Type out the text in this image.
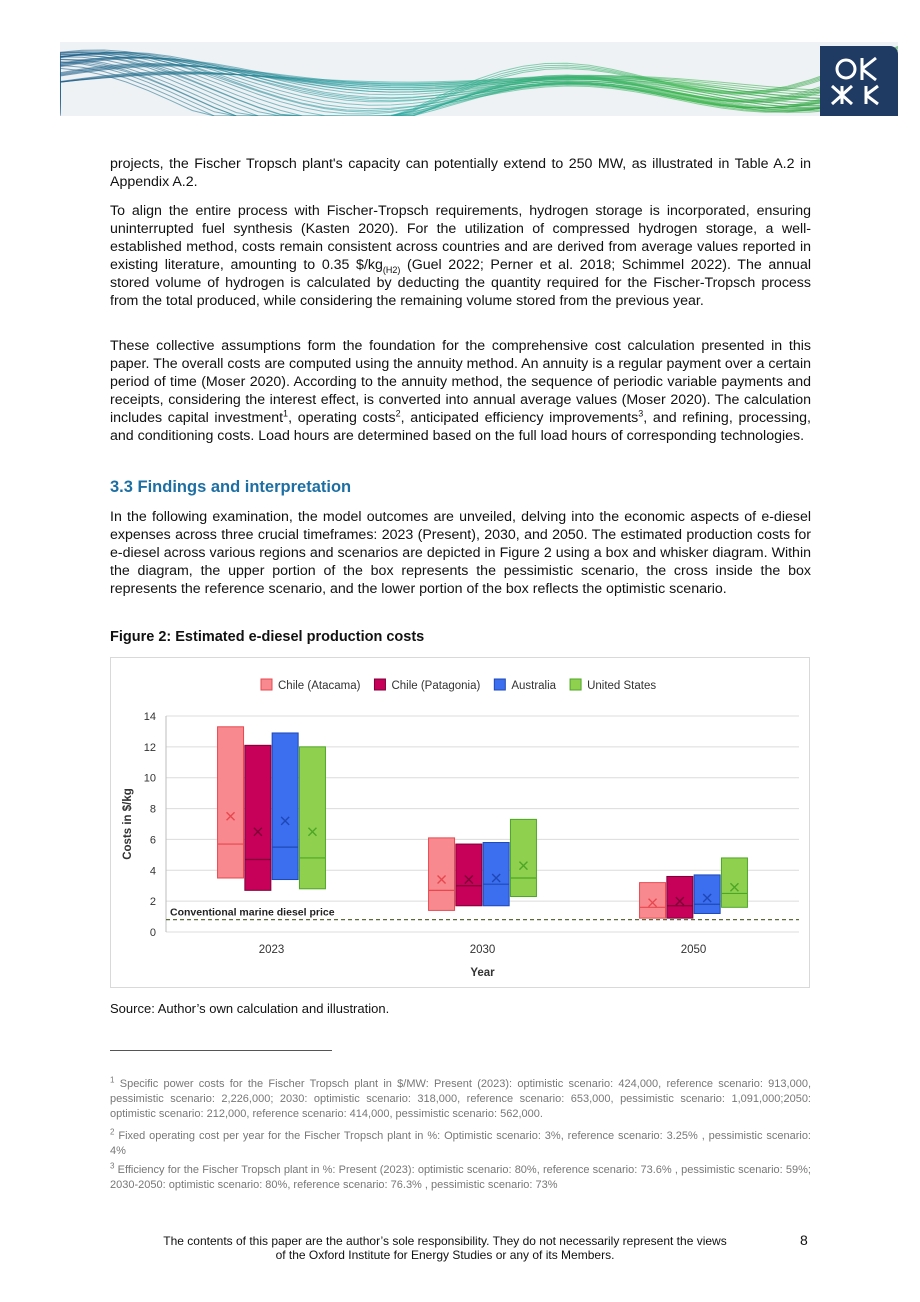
projects, the Fischer Tropsch plant's capacity can potentially extend to 250 MW, as illustrated in Table A.2 in Appendix A.2.

To align the entire process with Fischer-Tropsch requirements, hydrogen storage is incorporated, ensuring uninterrupted fuel synthesis (Kasten 2020). For the utilization of compressed hydrogen storage, a well-established method, costs remain consistent across countries and are derived from average values reported in existing literature, amounting to 0.35 $\$/kg_{(H2)}$ (Guel 2022; Perner et al. 2018; Schimmel 2022). The annual stored volume of hydrogen is calculated by deducting the quantity required for the Fischer-Tropsch process from the total produced, while considering the remaining volume stored from the previous year.

These collective assumptions form the foundation for the comprehensive cost calculation presented in this paper. The overall costs are computed using the annuity method. An annuity is a regular payment over a certain period of time (Moser 2020). According to the annuity method, the sequence of periodic variable payments and receipts, considering the interest effect, is converted into annual average values (Moser 2020). The calculation includes capital investment$^1$, operating costs$^2$, anticipated efficiency improvements$^3$, and refining, processing, and conditioning costs. Load hours are determined based on the full load hours of corresponding technologies.

3.3 Findings and interpretation

In the following examination, the model outcomes are unveiled, delving into the economic aspects of e-diesel expenses across three crucial timeframes: 2023 (Present), 2030, and 2050. The estimated production costs for e-diesel across various regions and scenarios are depicted in Figure 2 using a box and whisker diagram. Within the diagram, the upper portion of the box represents the pessimistic scenario, the cross inside the box represents the reference scenario, and the lower portion of the box reflects the optimistic scenario.

Figure 2: Estimated e-diesel production costs

Chile (Atacama)	Chile (Patagonia)	Australia	United States
0
2
4
6
8
10
12
14
2023	2030	2050
Conventional marine diesel price
Costs in $/kg
Year

Source: Author’s own calculation and illustration.

$^1$ Specific power costs for the Fischer Tropsch plant in $/MW: Present (2023): optimistic scenario: 424,000, reference scenario: 913,000, pessimistic scenario: 2,226,000; 2030: optimistic scenario: 318,000, reference scenario: 653,000, pessimistic scenario: 1,091,000;2050: optimistic scenario: 212,000, reference scenario: 414,000, pessimistic scenario: 562,000.

$^2$ Fixed operating cost per year for the Fischer Tropsch plant in %: Optimistic scenario: 3%, reference scenario: 3.25% , pessimistic scenario: 4%

$^3$ Efficiency for the Fischer Tropsch plant in %: Present (2023): optimistic scenario: 80%, reference scenario: 73.6% , pessimistic scenario: 59%; 2030-2050: optimistic scenario: 80%, reference scenario: 76.3% , pessimistic scenario: 73%

The contents of this paper are the author’s sole responsibility. They do not necessarily represent the views
of the Oxford Institute for Energy Studies or any of its Members.

8
